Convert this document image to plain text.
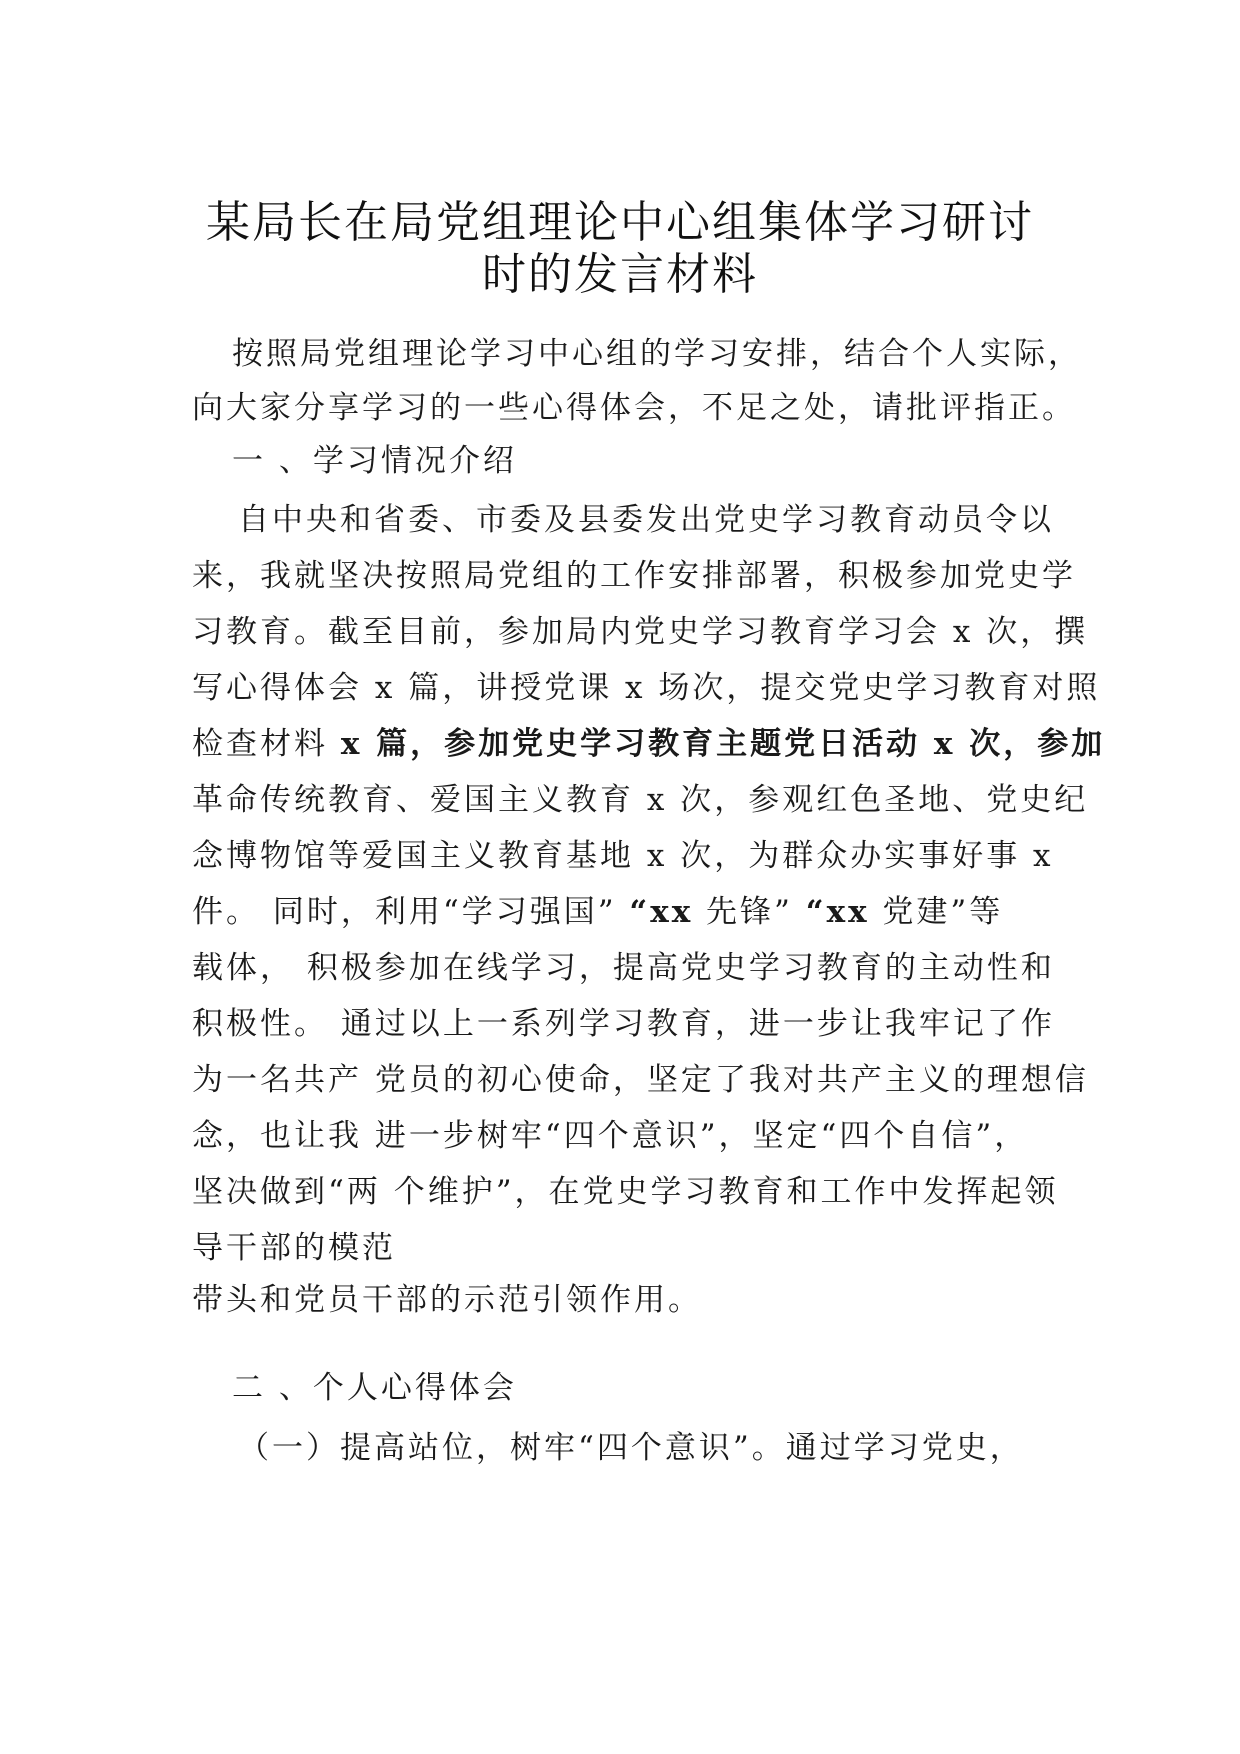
某局长在局党组理论中心组集体学习研讨
时的发言材料
按照局党组理论学习中心组的学习安排，结合个人实际，
向大家分享学习的一些心得体会，不足之处，请批评指正。
一 、学习情况介绍
自中央和省委、市委及县委发出党史学习教育动员令以
来，我就坚决按照局党组的工作安排部署，积极参加党史学
习教育。截至目前，参加局内党史学习教育学习会 x 次，撰
写心得体会 x 篇，讲授党课 x 场次，提交党史学习教育对照
检查材料 x 篇，参加党史学习教育主题党日活动 x 次，参加
革命传统教育、爱国主义教育 x 次，参观红色圣地、党史纪
念博物馆等爱国主义教育基地 x 次，为群众办实事好事 x
件。 同时，利用“学习强国” “xx 先锋” “xx 党建”等
载体， 积极参加在线学习，提高党史学习教育的主动性和
积极性。 通过以上一系列学习教育，进一步让我牢记了作
为一名共产 党员的初心使命，坚定了我对共产主义的理想信
念，也让我 进一步树牢“四个意识”，坚定“四个自信”，
坚决做到“两 个维护”，在党史学习教育和工作中发挥起领
导干部的模范
带头和党员干部的示范引领作用。
二 、个人心得体会
（一）提高站位，树牢“四个意识”。通过学习党史，
